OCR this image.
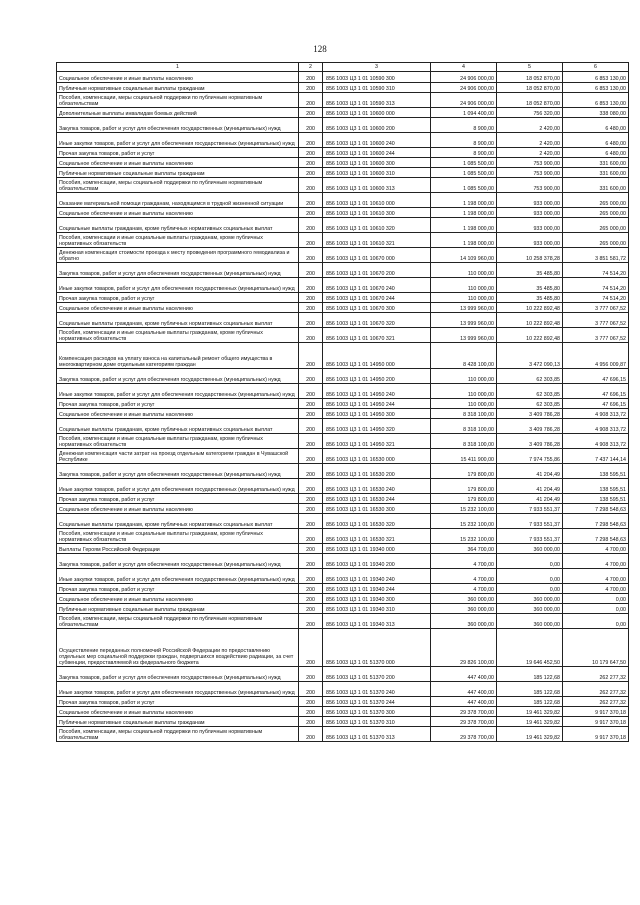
128
1	2	3	4	5	6
Социальное обеспечение и иные выплаты населению	200	856 1003 Ц3 1 01 10590 300	24 906 000,00	18 052 870,00	6 853 130,00
Публичные нормативные социальные выплаты гражданам	200	856 1003 Ц3 1 01 10590 310	24 906 000,00	18 052 870,00	6 853 130,00
Пособия, компенсации, меры социальной поддержки по публичным нормативным обязательствам	200	856 1003 Ц3 1 01 10590 313	24 906 000,00	18 052 870,00	6 853 130,00
Дополнительные выплаты инвалидам боевых действий	200	856 1003 Ц3 1 01 10600 000	1 094 400,00	756 320,00	338 080,00
Закупка товаров, работ и услуг для обеспечения государственных (муниципальных) нужд	200	856 1003 Ц3 1 01 10600 200	8 900,00	2 420,00	6 480,00
Иные закупки товаров, работ и услуг для обеспечения государственных (муниципальных) нужд	200	856 1003 Ц3 1 01 10600 240	8 900,00	2 420,00	6 480,00
Прочая закупка товаров, работ и услуг	200	856 1003 Ц3 1 01 10600 244	8 900,00	2 420,00	6 480,00
Социальное обеспечение и иные выплаты населению	200	856 1003 Ц3 1 01 10600 300	1 085 500,00	753 900,00	331 600,00
Публичные нормативные социальные выплаты гражданам	200	856 1003 Ц3 1 01 10600 310	1 085 500,00	753 900,00	331 600,00
Пособия, компенсации, меры социальной поддержки по публичным нормативным обязательствам	200	856 1003 Ц3 1 01 10600 313	1 085 500,00	753 900,00	331 600,00
Оказание материальной помощи гражданам, находящимся в трудной жизненной ситуации	200	856 1003 Ц3 1 01 10610 000	1 198 000,00	933 000,00	265 000,00
Социальное обеспечение и иные выплаты населению	200	856 1003 Ц3 1 01 10610 300	1 198 000,00	933 000,00	265 000,00
Социальные выплаты гражданам, кроме публичных нормативных социальных выплат	200	856 1003 Ц3 1 01 10610 320	1 198 000,00	933 000,00	265 000,00
Пособия, компенсации и иные социальные выплаты гражданам, кроме публичных нормативных обязательств	200	856 1003 Ц3 1 01 10610 321	1 198 000,00	933 000,00	265 000,00
Денежная компенсация стоимости проезда к месту проведения программного гемодиализа и обратно	200	856 1003 Ц3 1 01 10670 000	14 109 960,00	10 258 378,28	3 851 581,72
Закупка товаров, работ и услуг для обеспечения государственных (муниципальных) нужд	200	856 1003 Ц3 1 01 10670 200	110 000,00	35 485,80	74 514,20
Иные закупки товаров, работ и услуг для обеспечения государственных (муниципальных) нужд	200	856 1003 Ц3 1 01 10670 240	110 000,00	35 485,80	74 514,20
Прочая закупка товаров, работ и услуг	200	856 1003 Ц3 1 01 10670 244	110 000,00	35 485,80	74 514,20
Социальное обеспечение и иные выплаты населению	200	856 1003 Ц3 1 01 10670 300	13 999 960,00	10 222 892,48	3 777 067,52
Социальные выплаты гражданам, кроме публичных нормативных социальных выплат	200	856 1003 Ц3 1 01 10670 320	13 999 960,00	10 222 892,48	3 777 067,52
Пособия, компенсации и иные социальные выплаты гражданам, кроме публичных нормативных обязательств	200	856 1003 Ц3 1 01 10670 321	13 999 960,00	10 222 892,48	3 777 067,52
Компенсация расходов на уплату взноса на капитальный ремонт общего имущества в многоквартирном доме отдельным категориям граждан	200	856 1003 Ц3 1 01 14950 000	8 428 100,00	3 472 090,13	4 956 009,87
Закупка товаров, работ и услуг для обеспечения государственных (муниципальных) нужд	200	856 1003 Ц3 1 01 14950 200	110 000,00	62 303,85	47 696,15
Иные закупки товаров, работ и услуг для обеспечения государственных (муниципальных) нужд	200	856 1003 Ц3 1 01 14950 240	110 000,00	62 303,85	47 696,15
Прочая закупка товаров, работ и услуг	200	856 1003 Ц3 1 01 14950 244	110 000,00	62 303,85	47 696,15
Социальное обеспечение и иные выплаты населению	200	856 1003 Ц3 1 01 14950 300	8 318 100,00	3 409 786,28	4 908 313,72
Социальные выплаты гражданам, кроме публичных нормативных социальных выплат	200	856 1003 Ц3 1 01 14950 320	8 318 100,00	3 409 786,28	4 908 313,72
Пособия, компенсации и иные социальные выплаты гражданам, кроме публичных нормативных обязательств	200	856 1003 Ц3 1 01 14950 321	8 318 100,00	3 409 786,28	4 908 313,72
Денежная компенсация части затрат на проезд отдельным категориям граждан в Чувашской Республике	200	856 1003 Ц3 1 01 16530 000	15 411 900,00	7 974 755,86	7 437 144,14
Закупка товаров, работ и услуг для обеспечения государственных (муниципальных) нужд	200	856 1003 Ц3 1 01 16530 200	179 800,00	41 204,49	138 595,51
Иные закупки товаров, работ и услуг для обеспечения государственных (муниципальных) нужд	200	856 1003 Ц3 1 01 16530 240	179 800,00	41 204,49	138 595,51
Прочая закупка товаров, работ и услуг	200	856 1003 Ц3 1 01 16530 244	179 800,00	41 204,49	138 595,51
Социальное обеспечение и иные выплаты населению	200	856 1003 Ц3 1 01 16530 300	15 232 100,00	7 933 551,37	7 298 548,63
Социальные выплаты гражданам, кроме публичных нормативных социальных выплат	200	856 1003 Ц3 1 01 16530 320	15 232 100,00	7 933 551,37	7 298 548,63
Пособия, компенсации и иные социальные выплаты гражданам, кроме публичных нормативных обязательств	200	856 1003 Ц3 1 01 16530 321	15 232 100,00	7 933 551,37	7 298 548,63
Выплаты Героям Российской Федерации	200	856 1003 Ц3 1 01 19340 000	364 700,00	360 000,00	4 700,00
Закупка товаров, работ и услуг для обеспечения государственных (муниципальных) нужд	200	856 1003 Ц3 1 01 19340 200	4 700,00	0,00	4 700,00
Иные закупки товаров, работ и услуг для обеспечения государственных (муниципальных) нужд	200	856 1003 Ц3 1 01 19340 240	4 700,00	0,00	4 700,00
Прочая закупка товаров, работ и услуг	200	856 1003 Ц3 1 01 19340 244	4 700,00	0,00	4 700,00
Социальное обеспечение и иные выплаты населению	200	856 1003 Ц3 1 01 19340 300	360 000,00	360 000,00	0,00
Публичные нормативные социальные выплаты гражданам	200	856 1003 Ц3 1 01 19340 310	360 000,00	360 000,00	0,00
Пособия, компенсации, меры социальной поддержки по публичным нормативным обязательствам	200	856 1003 Ц3 1 01 19340 313	360 000,00	360 000,00	0,00
Осуществление переданных полномочий Российской Федерации по предоставлению отдельных мер социальной поддержки граждан, подвергшихся воздействию радиации, за счет субвенции, предоставляемой из федерального бюджета	200	856 1003 Ц3 1 01 51370 000	29 826 100,00	19 646 452,50	10 179 647,50
Закупка товаров, работ и услуг для обеспечения государственных (муниципальных) нужд	200	856 1003 Ц3 1 01 51370 200	447 400,00	185 122,68	262 277,32
Иные закупки товаров, работ и услуг для обеспечения государственных (муниципальных) нужд	200	856 1003 Ц3 1 01 51370 240	447 400,00	185 122,68	262 277,32
Прочая закупка товаров, работ и услуг	200	856 1003 Ц3 1 01 51370 244	447 400,00	185 122,68	262 277,32
Социальное обеспечение и иные выплаты населению	200	856 1003 Ц3 1 01 51370 300	29 378 700,00	19 461 329,82	9 917 370,18
Публичные нормативные социальные выплаты гражданам	200	856 1003 Ц3 1 01 51370 310	29 378 700,00	19 461 329,82	9 917 370,18
Пособия, компенсации, меры социальной поддержки по публичным нормативным обязательствам	200	856 1003 Ц3 1 01 51370 313	29 378 700,00	19 461 329,82	9 917 370,18
